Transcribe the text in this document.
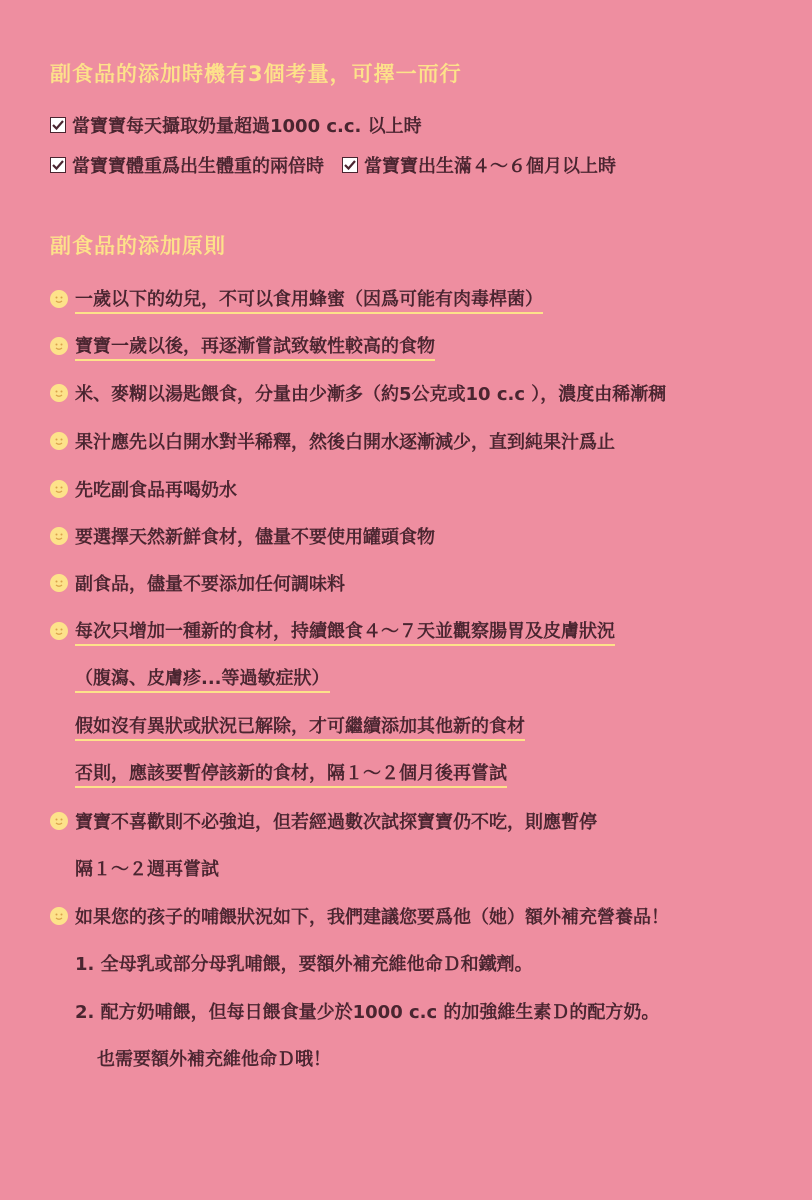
副食品的添加時機有3個考量，可擇一而行
當寶寶每天攝取奶量超過1000 c.c. 以上時
當寶寶體重爲出生體重的兩倍時 當寶寶出生滿４～６個月以上時
副食品的添加原則
一歲以下的幼兒，不可以食用蜂蜜（因爲可能有肉毒桿菌）
寶寶一歲以後，再逐漸嘗試致敏性較高的食物
米、麥糊以湯匙餵食，分量由少漸多（約5公克或10 c.c ），濃度由稀漸稠
果汁應先以白開水對半稀釋，然後白開水逐漸減少，直到純果汁爲止
先吃副食品再喝奶水
要選擇天然新鮮食材，儘量不要使用罐頭食物
副食品，儘量不要添加任何調味料
每次只增加一種新的食材，持續餵食４～７天並觀察腸胃及皮膚狀況
（腹瀉、皮膚疹...等過敏症狀）
假如沒有異狀或狀況已解除，才可繼續添加其他新的食材
否則，應該要暫停該新的食材，隔１～２個月後再嘗試
寶寶不喜歡則不必強迫，但若經過數次試探寶寶仍不吃，則應暫停
隔１～２週再嘗試
如果您的孩子的哺餵狀況如下，我們建議您要爲他（她）額外補充營養品！
1. 全母乳或部分母乳哺餵，要額外補充維他命Ｄ和鐵劑。
2. 配方奶哺餵，但每日餵食量少於1000 c.c 的加強維生素Ｄ的配方奶。
也需要額外補充維他命Ｄ哦！
